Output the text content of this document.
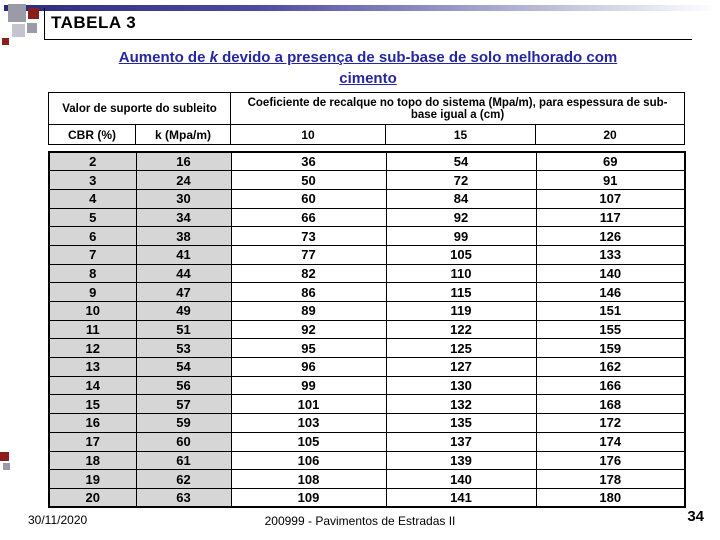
TABELA 3
Aumento de k devido a presença de sub-base de solo melhorado com
cimento
Valor de suporte do subleito		Coeficiente de recalque no topo do sistema (Mpa/m), para espessura de sub-base igual a (cm)		
CBR (%)	k (Mpa/m)	10	15	20
2	16	36	54	69
3	24	50	72	91
4	30	60	84	107
5	34	66	92	117
6	38	73	99	126
7	41	77	105	133
8	44	82	110	140
9	47	86	115	146
10	49	89	119	151
11	51	92	122	155
12	53	95	125	159
13	54	96	127	162
14	56	99	130	166
15	57	101	132	168
16	59	103	135	172
17	60	105	137	174
18	61	106	139	176
19	62	108	140	178
20	63	109	141	180
30/11/2020	200999 - Pavimentos de Estradas II	34
